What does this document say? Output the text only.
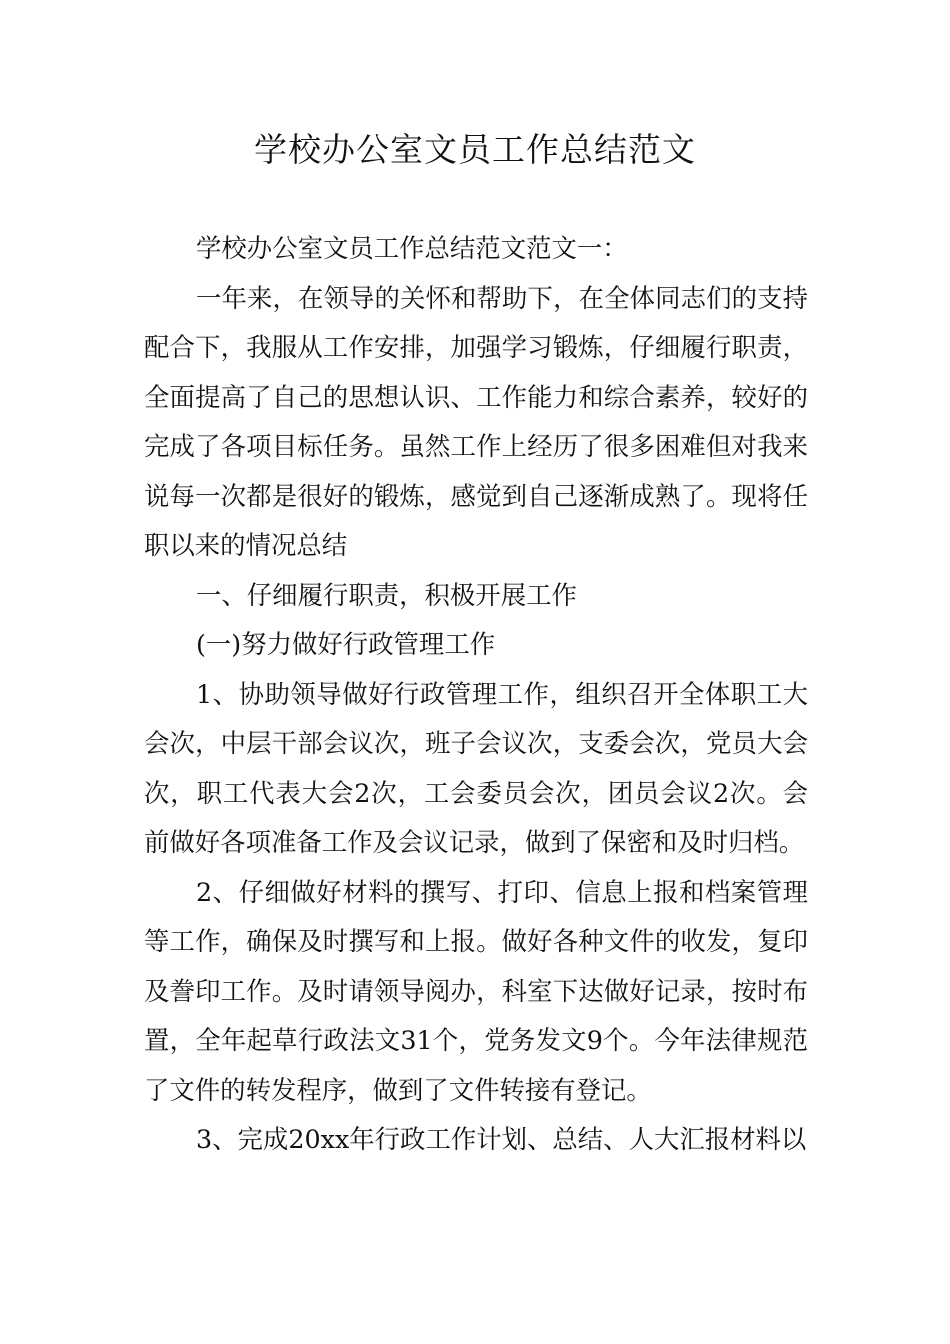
学校办公室文员工作总结范文

学校办公室文员工作总结范文范文一：

一年来，在领导的关怀和帮助下，在全体同志们的支持配合下，我服从工作安排，加强学习锻炼，仔细履行职责，全面提高了自己的思想认识、工作能力和综合素养，较好的完成了各项目标任务。虽然工作上经历了很多困难但对我来说每一次都是很好的锻炼，感觉到自己逐渐成熟了。现将任职以来的情况总结

一、仔细履行职责，积极开展工作

(一)努力做好行政管理工作

1、协助领导做好行政管理工作，组织召开全体职工大会次，中层干部会议次，班子会议次，支委会次，党员大会次，职工代表大会2次，工会委员会次，团员会议2次。会前做好各项准备工作及会议记录，做到了保密和及时归档。

2、仔细做好材料的撰写、打印、信息上报和档案管理等工作，确保及时撰写和上报。做好各种文件的收发，复印及誊印工作。及时请领导阅办，科室下达做好记录，按时布置，全年起草行政法文31个，党务发文9个。今年法律规范了文件的转发程序，做到了文件转接有登记。

3、完成20xx年行政工作计划、总结、人大汇报材料以
